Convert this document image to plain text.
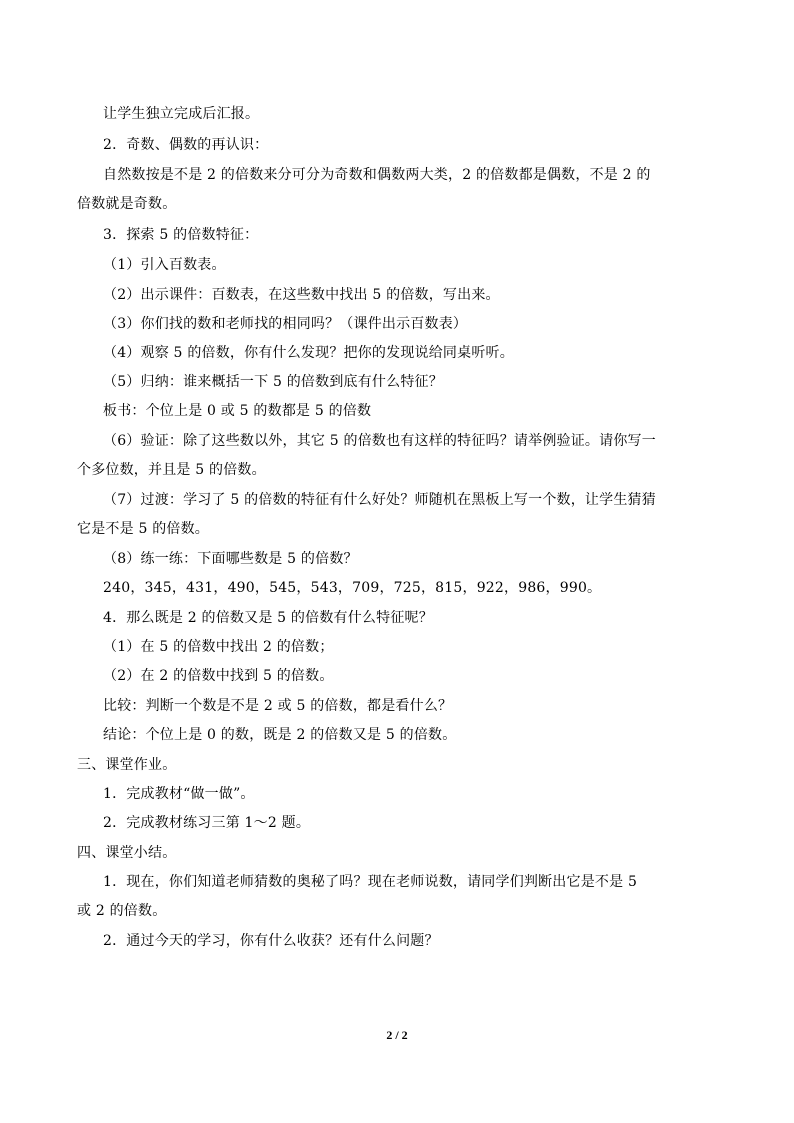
让学生独立完成后汇报。
2．奇数、偶数的再认识：
自然数按是不是 2 的倍数来分可分为奇数和偶数两大类，2 的倍数都是偶数，不是 2 的
倍数就是奇数。
3．探索 5 的倍数特征：
（1）引入百数表。
（2）出示课件：百数表，在这些数中找出 5 的倍数，写出来。
（3）你们找的数和老师找的相同吗？（课件出示百数表）
（4）观察 5 的倍数，你有什么发现？把你的发现说给同桌听听。
（5）归纳：谁来概括一下 5 的倍数到底有什么特征？
板书：个位上是 0 或 5 的数都是 5 的倍数
（6）验证：除了这些数以外，其它 5 的倍数也有这样的特征吗？请举例验证。请你写一
个多位数，并且是 5 的倍数。
（7）过渡：学习了 5 的倍数的特征有什么好处？师随机在黑板上写一个数，让学生猜猜
它是不是 5 的倍数。
（8）练一练：下面哪些数是 5 的倍数？
240，345，431，490，545，543，709，725，815，922，986，990。
4．那么既是 2 的倍数又是 5 的倍数有什么特征呢？
（1）在 5 的倍数中找出 2 的倍数；
（2）在 2 的倍数中找到 5 的倍数。
比较：判断一个数是不是 2 或 5 的倍数，都是看什么？
结论：个位上是 0 的数，既是 2 的倍数又是 5 的倍数。
三、课堂作业。
1．完成教材“做一做”。
2．完成教材练习三第 1～2 题。
四、课堂小结。
1．现在，你们知道老师猜数的奥秘了吗？现在老师说数，请同学们判断出它是不是 5
或 2 的倍数。
2．通过今天的学习，你有什么收获？还有什么问题？
2 / 2
